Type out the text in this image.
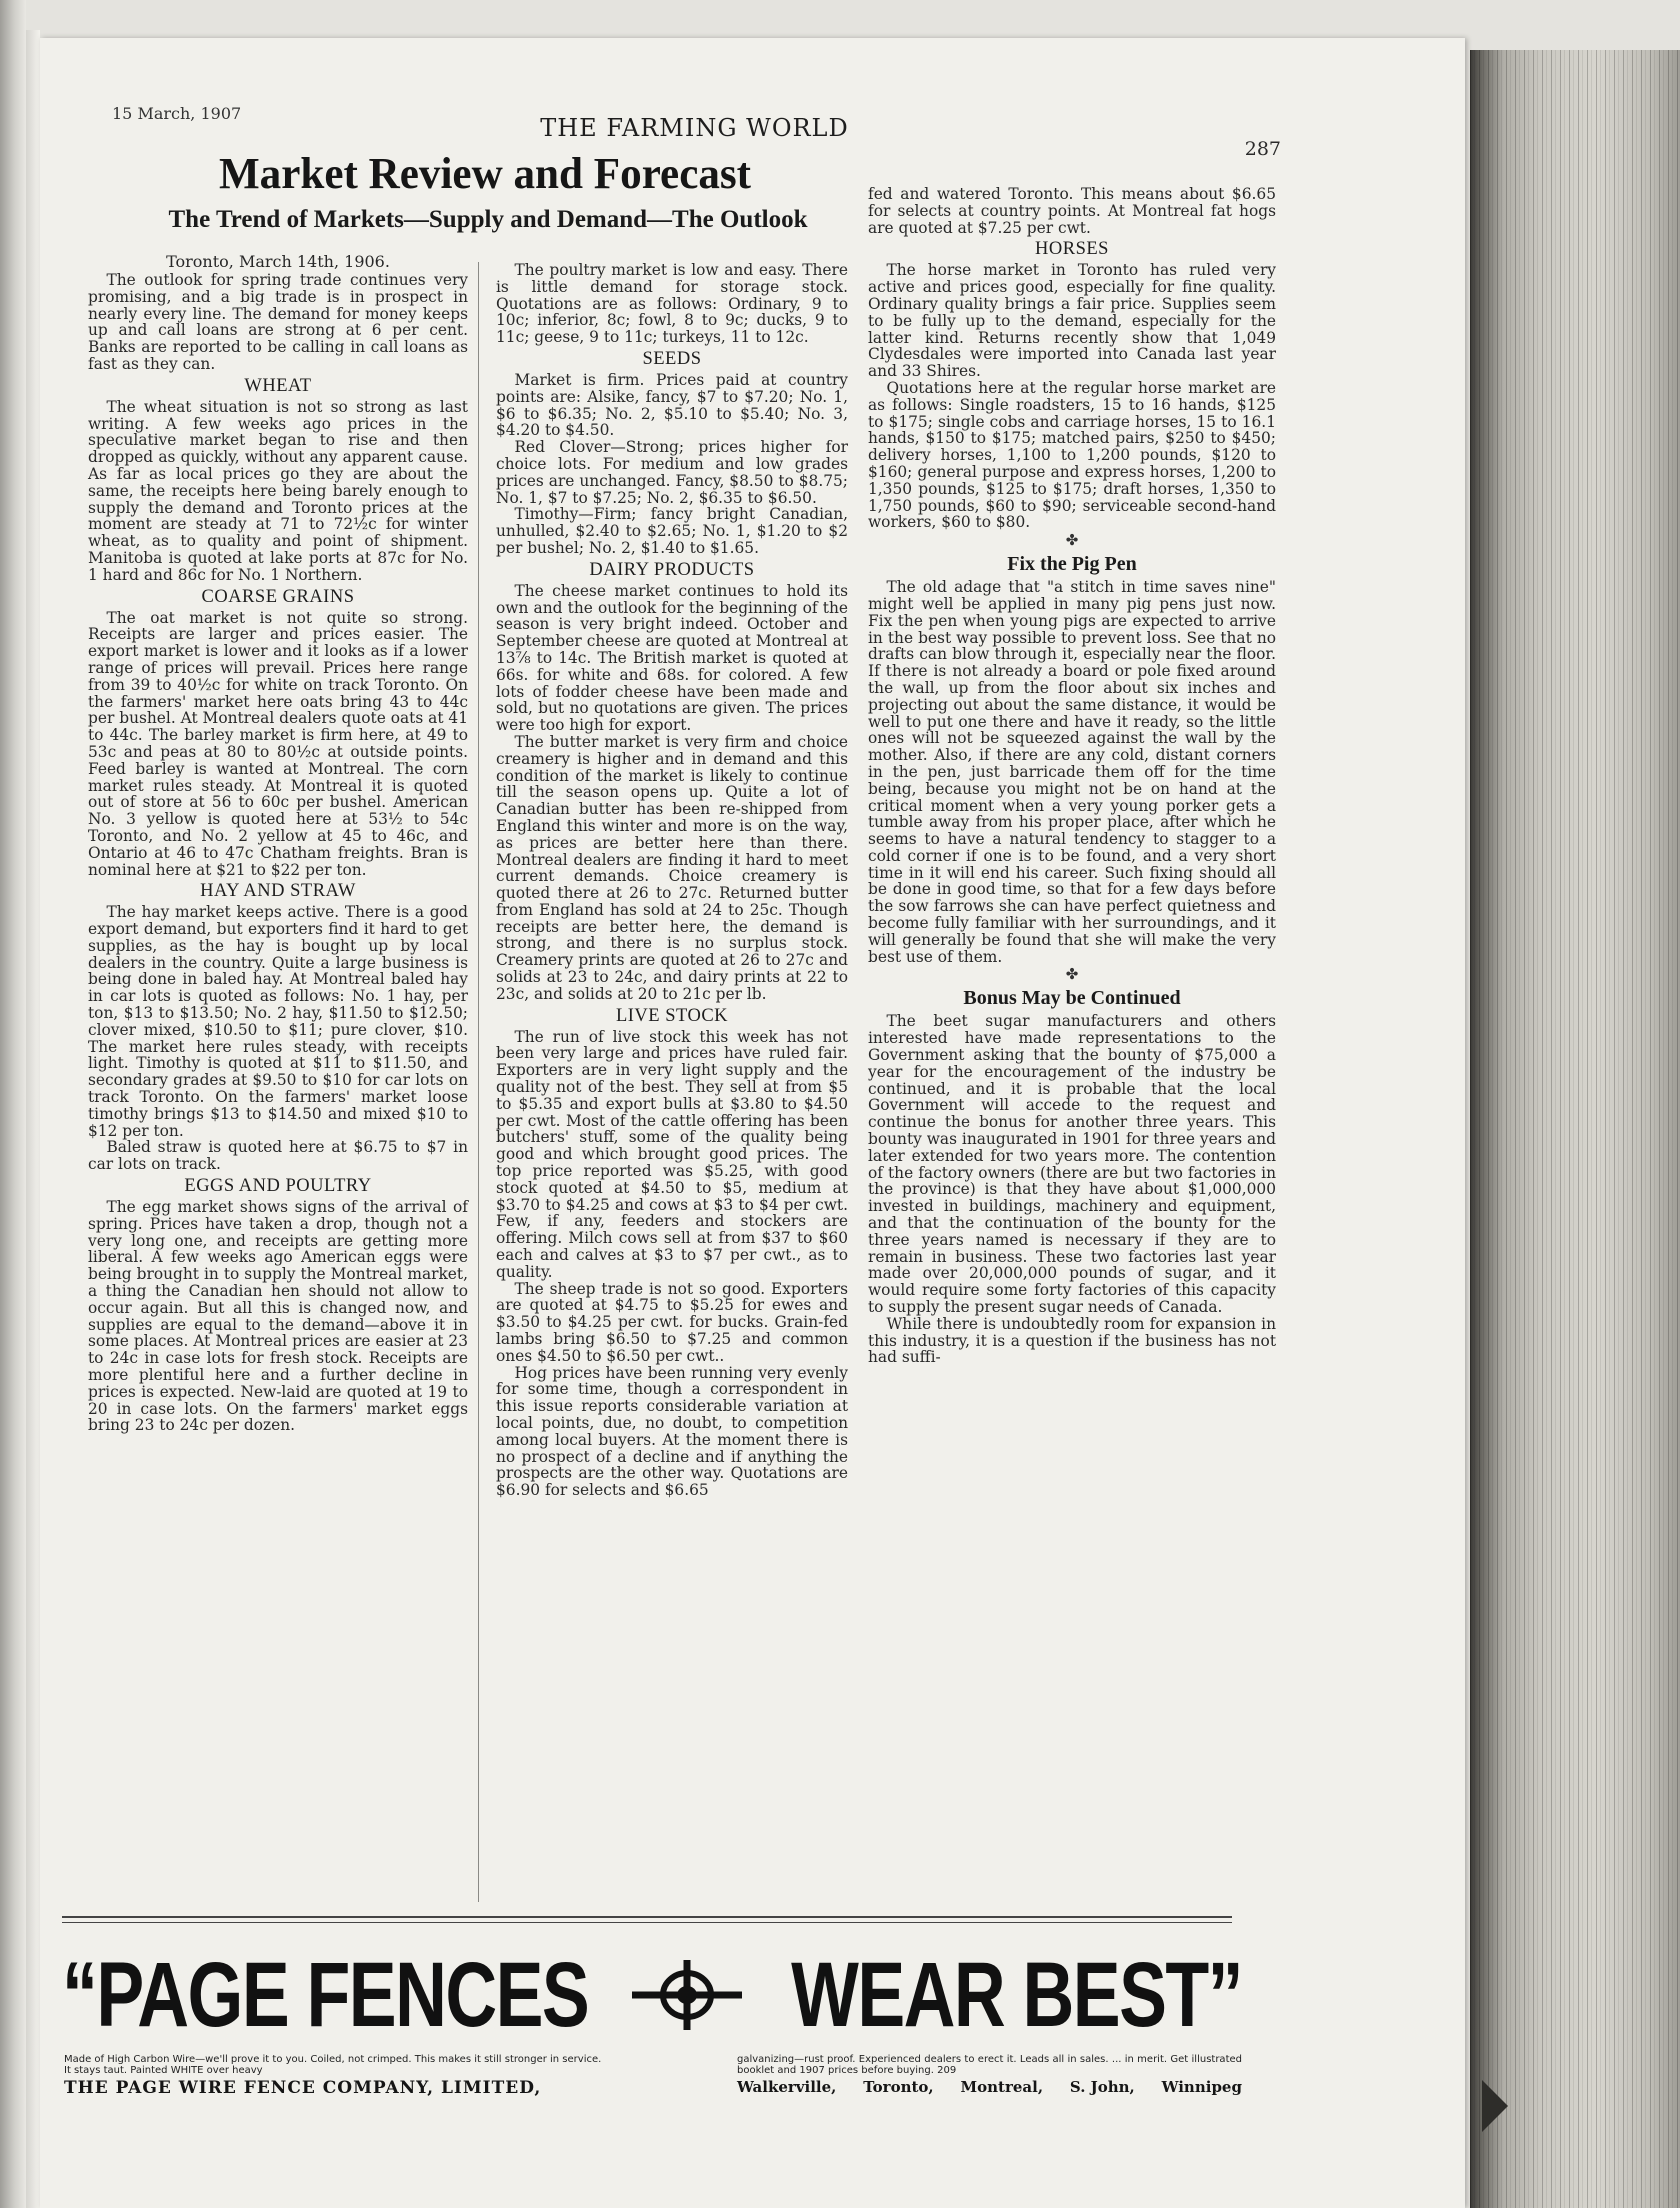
15 March, 1907
THE FARMING WORLD
287
Market Review and Forecast
The Trend of Markets—Supply and Demand—The Outlook

Toronto, March 14th, 1906.

The outlook for spring trade continues very promising, and a big trade is in prospect in nearly every line. The demand for money keeps up and call loans are strong at 6 per cent. Banks are reported to be calling in call loans as fast as they can.

WHEAT

The wheat situation is not so strong as last writing. A few weeks ago prices in the speculative market began to rise and then dropped as quickly, without any apparent cause. As far as local prices go they are about the same, the receipts here being barely enough to supply the demand and Toronto prices at the moment are steady at 71 to 72½c for winter wheat, as to quality and point of shipment. Manitoba is quoted at lake ports at 87c for No. 1 hard and 86c for No. 1 Northern.

COARSE GRAINS

The oat market is not quite so strong. Receipts are larger and prices easier. The export market is lower and it looks as if a lower range of prices will prevail. Prices here range from 39 to 40½c for white on track Toronto. On the farmers' market here oats bring 43 to 44c per bushel. At Montreal dealers quote oats at 41 to 44c. The barley market is firm here, at 49 to 53c and peas at 80 to 80½c at outside points. Feed barley is wanted at Montreal. The corn market rules steady. At Montreal it is quoted out of store at 56 to 60c per bushel. American No. 3 yellow is quoted here at 53½ to 54c Toronto, and No. 2 yellow at 45 to 46c, and Ontario at 46 to 47c Chatham freights. Bran is nominal here at $21 to $22 per ton.

HAY AND STRAW

The hay market keeps active. There is a good export demand, but exporters find it hard to get supplies, as the hay is bought up by local dealers in the country. Quite a large business is being done in baled hay. At Montreal baled hay in car lots is quoted as follows: No. 1 hay, per ton, $13 to $13.50; No. 2 hay, $11.50 to $12.50; clover mixed, $10.50 to $11; pure clover, $10. The market here rules steady, with receipts light. Timothy is quoted at $11 to $11.50, and secondary grades at $9.50 to $10 for car lots on track Toronto. On the farmers' market loose timothy brings $13 to $14.50 and mixed $10 to $12 per ton.

Baled straw is quoted here at $6.75 to $7 in car lots on track.

EGGS AND POULTRY

The egg market shows signs of the arrival of spring. Prices have taken a drop, though not a very long one, and receipts are getting more liberal. A few weeks ago American eggs were being brought in to supply the Montreal market, a thing the Canadian hen should not allow to occur again. But all this is changed now, and supplies are equal to the demand—above it in some places. At Montreal prices are easier at 23 to 24c in case lots for fresh stock. Receipts are more plentiful here and a further decline in prices is expected. New-laid are quoted at 19 to 20 in case lots. On the farmers' market eggs bring 23 to 24c per dozen.

The poultry market is low and easy. There is little demand for storage stock. Quotations are as follows: Ordinary, 9 to 10c; inferior, 8c; fowl, 8 to 9c; ducks, 9 to 11c; geese, 9 to 11c; turkeys, 11 to 12c.

SEEDS

Market is firm. Prices paid at country points are: Alsike, fancy, $7 to $7.20; No. 1, $6 to $6.35; No. 2, $5.10 to $5.40; No. 3, $4.20 to $4.50.

Red Clover—Strong; prices higher for choice lots. For medium and low grades prices are unchanged. Fancy, $8.50 to $8.75; No. 1, $7 to $7.25; No. 2, $6.35 to $6.50.

Timothy—Firm; fancy bright Canadian, unhulled, $2.40 to $2.65; No. 1, $1.20 to $2 per bushel; No. 2, $1.40 to $1.65.

DAIRY PRODUCTS

The cheese market continues to hold its own and the outlook for the beginning of the season is very bright indeed. October and September cheese are quoted at Montreal at 13⅞ to 14c. The British market is quoted at 66s. for white and 68s. for colored. A few lots of fodder cheese have been made and sold, but no quotations are given. The prices were too high for export.

The butter market is very firm and choice creamery is higher and in demand and this condition of the market is likely to continue till the season opens up. Quite a lot of Canadian butter has been re-shipped from England this winter and more is on the way, as prices are better here than there. Montreal dealers are finding it hard to meet current demands. Choice creamery is quoted there at 26 to 27c. Returned butter from England has sold at 24 to 25c. Though receipts are better here, the demand is strong, and there is no surplus stock. Creamery prints are quoted at 26 to 27c and solids at 23 to 24c, and dairy prints at 22 to 23c, and solids at 20 to 21c per lb.

LIVE STOCK

The run of live stock this week has not been very large and prices have ruled fair. Exporters are in very light supply and the quality not of the best. They sell at from $5 to $5.35 and export bulls at $3.80 to $4.50 per cwt. Most of the cattle offering has been butchers' stuff, some of the quality being good and which brought good prices. The top price reported was $5.25, with good stock quoted at $4.50 to $5, medium at $3.70 to $4.25 and cows at $3 to $4 per cwt. Few, if any, feeders and stockers are offering. Milch cows sell at from $37 to $60 each and calves at $3 to $7 per cwt., as to quality.

The sheep trade is not so good. Exporters are quoted at $4.75 to $5.25 for ewes and $3.50 to $4.25 per cwt. for bucks. Grain-fed lambs bring $6.50 to $7.25 and common ones $4.50 to $6.50 per cwt..

Hog prices have been running very evenly for some time, though a correspondent in this issue reports considerable variation at local points, due, no doubt, to competition among local buyers. At the moment there is no prospect of a decline and if anything the prospects are the other way. Quotations are $6.90 for selects and $6.65

fed and watered Toronto. This means about $6.65 for selects at country points. At Montreal fat hogs are quoted at $7.25 per cwt.

HORSES

The horse market in Toronto has ruled very active and prices good, especially for fine quality. Ordinary quality brings a fair price. Supplies seem to be fully up to the demand, especially for the latter kind. Returns recently show that 1,049 Clydesdales were imported into Canada last year and 33 Shires.

Quotations here at the regular horse market are as follows: Single roadsters, 15 to 16 hands, $125 to $175; single cobs and carriage horses, 15 to 16.1 hands, $150 to $175; matched pairs, $250 to $450; delivery horses, 1,100 to 1,200 pounds, $120 to $160; general purpose and express horses, 1,200 to 1,350 pounds, $125 to $175; draft horses, 1,350 to 1,750 pounds, $60 to $90; serviceable second-hand workers, $60 to $80.

✤
Fix the Pig Pen

The old adage that "a stitch in time saves nine" might well be applied in many pig pens just now. Fix the pen when young pigs are expected to arrive in the best way possible to prevent loss. See that no drafts can blow through it, especially near the floor. If there is not already a board or pole fixed around the wall, up from the floor about six inches and projecting out about the same distance, it would be well to put one there and have it ready, so the little ones will not be squeezed against the wall by the mother. Also, if there are any cold, distant corners in the pen, just barricade them off for the time being, because you might not be on hand at the critical moment when a very young porker gets a tumble away from his proper place, after which he seems to have a natural tendency to stagger to a cold corner if one is to be found, and a very short time in it will end his career. Such fixing should all be done in good time, so that for a few days before the sow farrows she can have perfect quietness and become fully familiar with her surroundings, and it will generally be found that she will make the very best use of them.

✤
Bonus May be Continued

The beet sugar manufacturers and others interested have made representations to the Government asking that the bounty of $75,000 a year for the encouragement of the industry be continued, and it is probable that the local Government will accede to the request and continue the bonus for another three years. This bounty was inaugurated in 1901 for three years and later extended for two years more. The contention of the factory owners (there are but two factories in the province) is that they have about $1,000,000 invested in buildings, machinery and equipment, and that the continuation of the bounty for the three years named is necessary if they are to remain in business. These two factories last year made over 20,000,000 pounds of sugar, and it would require some forty factories of this capacity to supply the present sugar needs of Canada.

While there is undoubtedly room for expansion in this industry, it is a question if the business has not had suffi-

“PAGE FENCES WEAR BEST”
Made of High Carbon Wire—we'll prove it to you. Coiled, not crimped. This makes it still stronger in service. It stays taut. Painted WHITE over heavy
galvanizing—rust proof. Experienced dealers to erect it. Leads all in sales. ... in merit. Get illustrated booklet and 1907 prices before buying. 209
THE PAGE WIRE FENCE COMPANY, LIMITED,	Walkerville, Toronto, Montreal, S. John, Winnipeg
